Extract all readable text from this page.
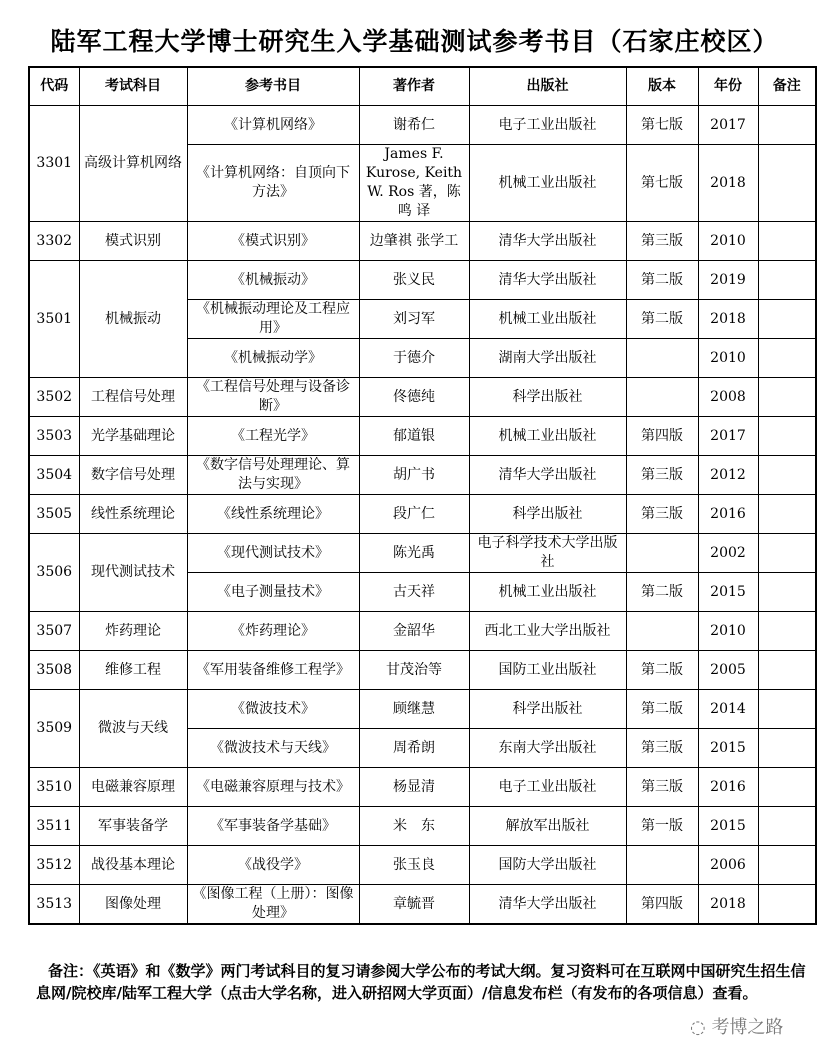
陆军工程大学博士研究生入学基础测试参考书目（石家庄校区）
代码	考试科目	参考书目	著作者	出版社	版本	年份	备注
3301	高级计算机网络	《计算机网络》	谢希仁	电子工业出版社	第七版	2017	
		《计算机网络：自顶向下方法》	James F. Kurose, Keith W. Ros 著，陈鸣 译	机械工业出版社	第七版	2018	
3302	模式识别	《模式识别》	边肇祺 张学工	清华大学出版社	第三版	2010	
3501	机械振动	《机械振动》	张义民	清华大学出版社	第二版	2019	
		《机械振动理论及工程应用》	刘习军	机械工业出版社	第二版	2018	
		《机械振动学》	于德介	湖南大学出版社		2010	
3502	工程信号处理	《工程信号处理与设备诊断》	佟德纯	科学出版社		2008	
3503	光学基础理论	《工程光学》	郁道银	机械工业出版社	第四版	2017	
3504	数字信号处理	《数字信号处理理论、算法与实现》	胡广书	清华大学出版社	第三版	2012	
3505	线性系统理论	《线性系统理论》	段广仁	科学出版社	第三版	2016	
3506	现代测试技术	《现代测试技术》	陈光禹	电子科学技术大学出版社		2002	
		《电子测量技术》	古天祥	机械工业出版社	第二版	2015	
3507	炸药理论	《炸药理论》	金韶华	西北工业大学出版社		2010	
3508	维修工程	《军用装备维修工程学》	甘茂治等	国防工业出版社	第二版	2005	
3509	微波与天线	《微波技术》	顾继慧	科学出版社	第二版	2014	
		《微波技术与天线》	周希朗	东南大学出版社	第三版	2015	
3510	电磁兼容原理	《电磁兼容原理与技术》	杨显清	电子工业出版社	第三版	2016	
3511	军事装备学	《军事装备学基础》	米　东	解放军出版社	第一版	2015	
3512	战役基本理论	《战役学》	张玉良	国防大学出版社		2006	
3513	图像处理	《图像工程（上册）：图像处理》	章毓晋	清华大学出版社	第四版	2018	
备注：《英语》和《数学》两门考试科目的复习请参阅大学公布的考试大纲。复习资料可在互联网中国研究生招生信息网/院校库/陆军工程大学（点击大学名称，进入研招网大学页面）/信息发布栏（有发布的各项信息）查看。
◌ 考博之路
